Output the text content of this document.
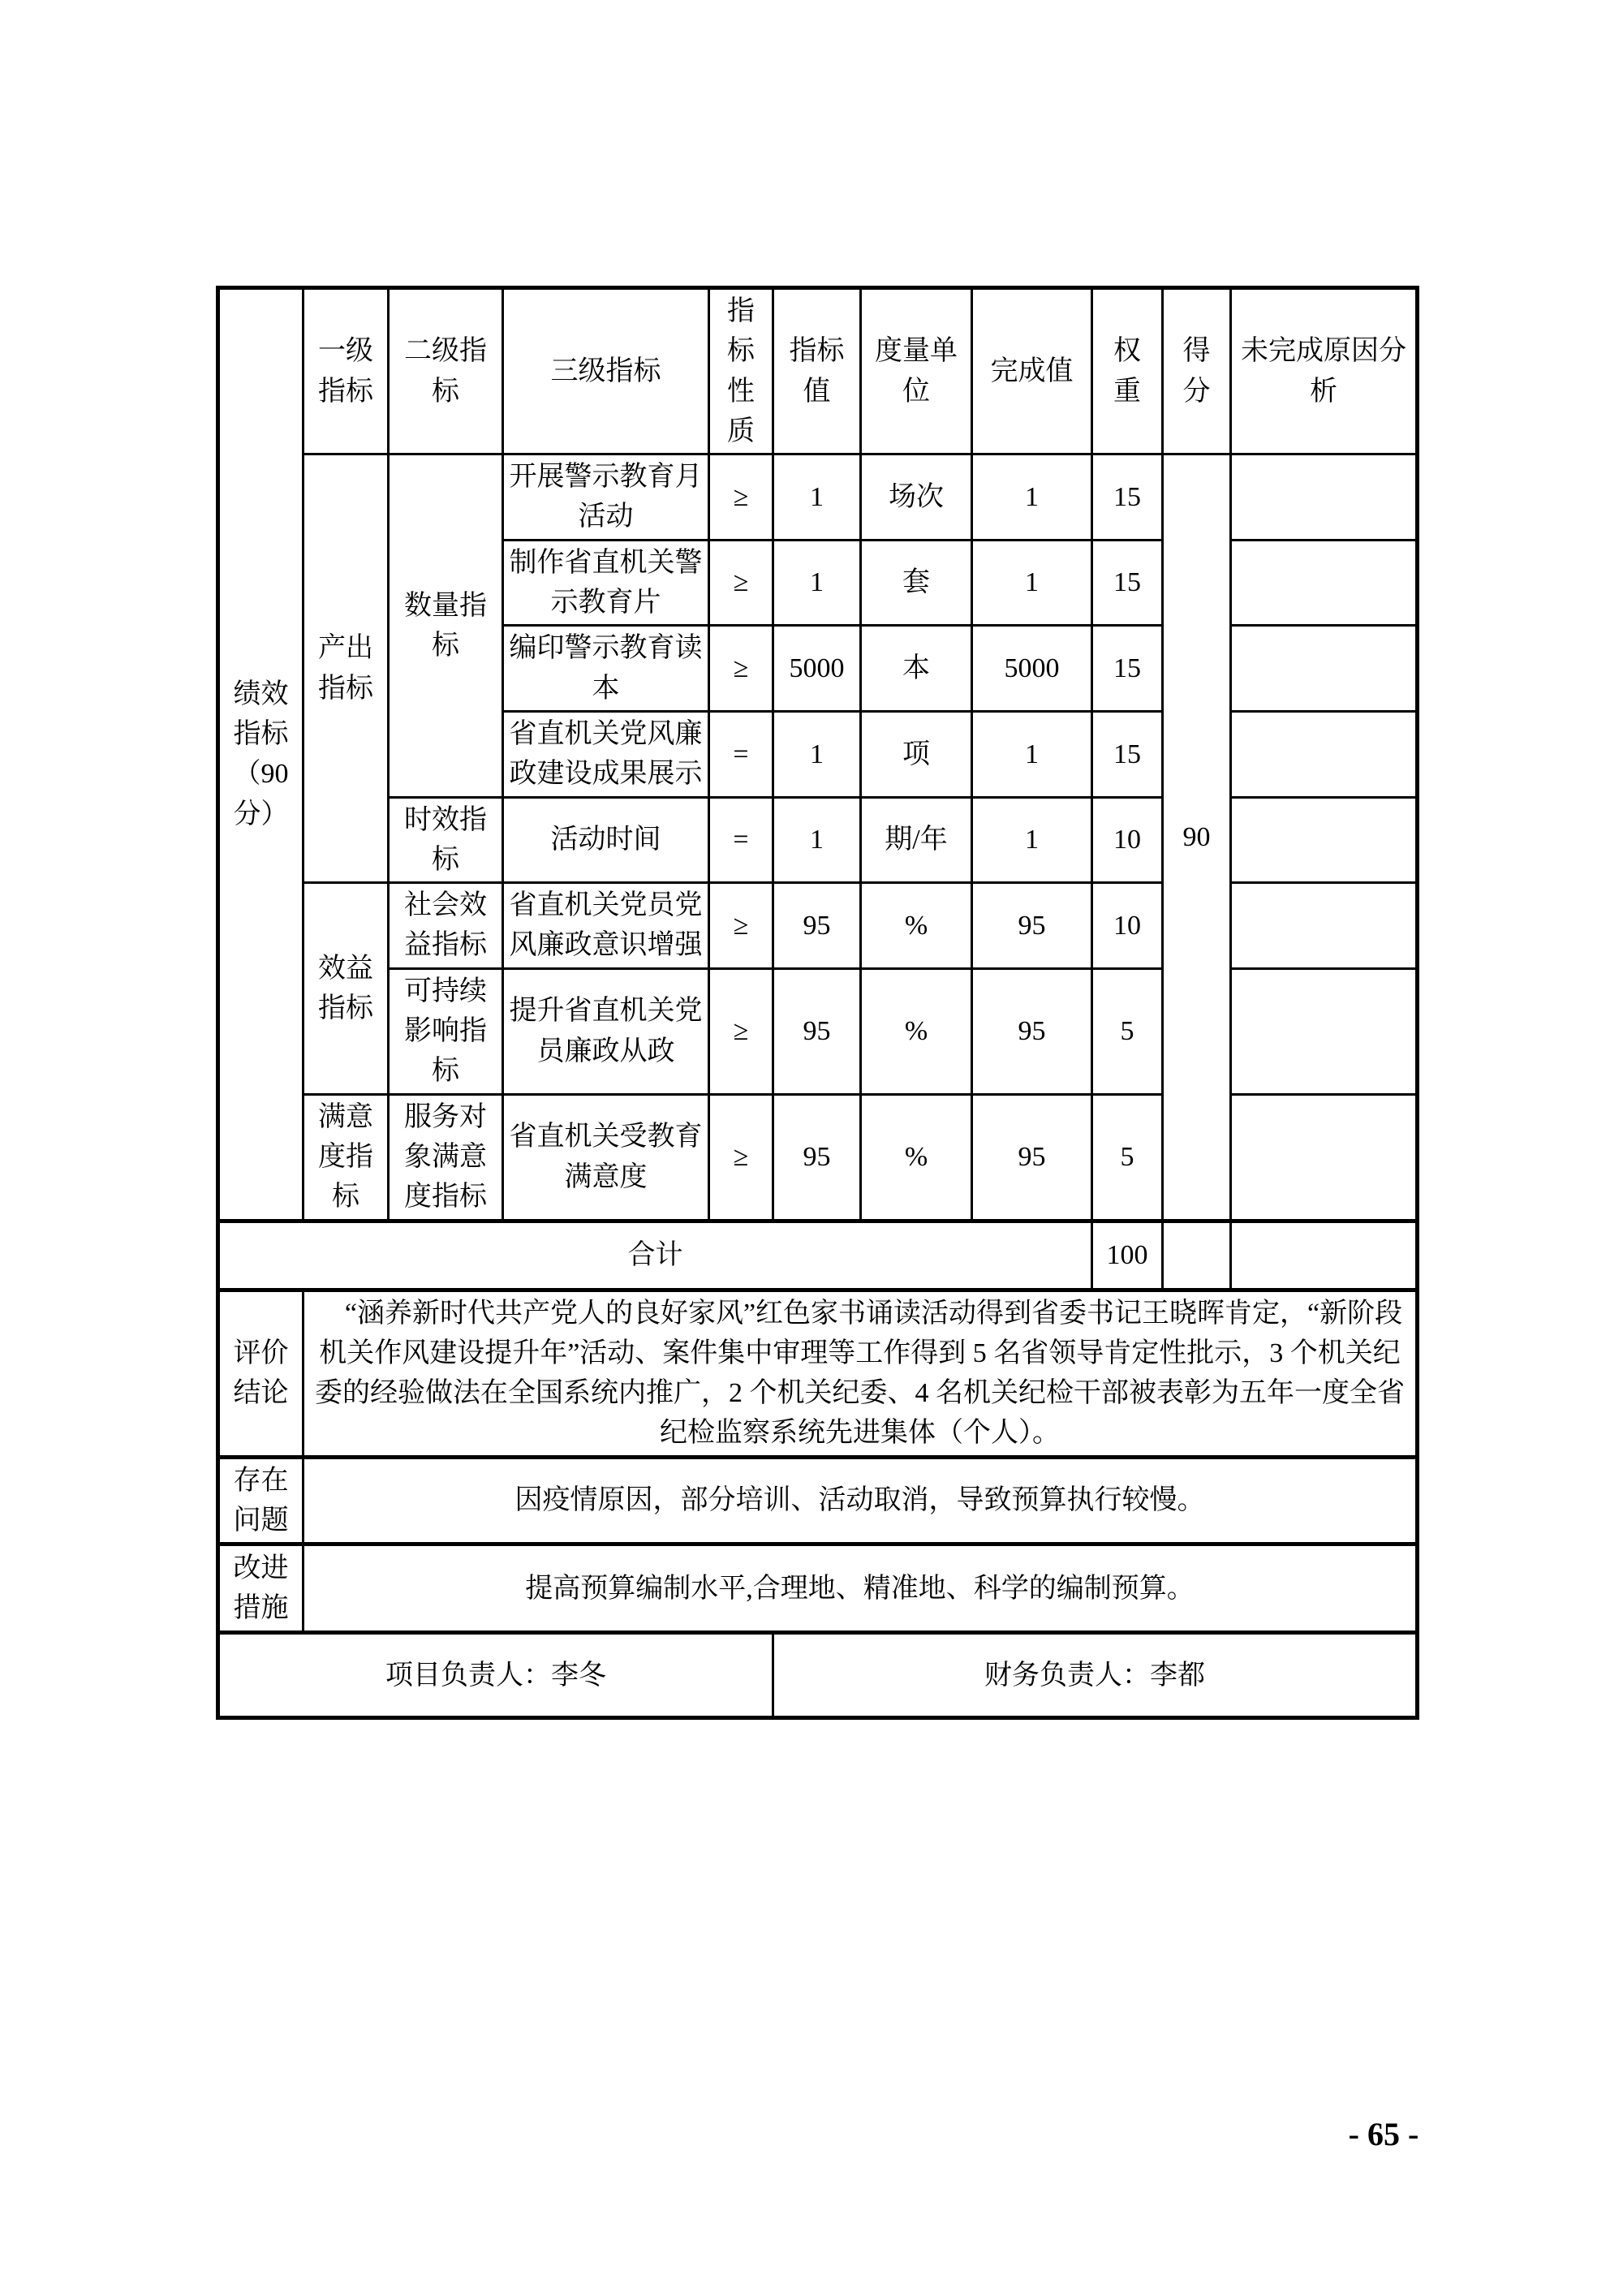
绩效指标（90分）	一级指标	二级指标	三级指标	指标性质	指标值	度量单位	完成值	权重	得分	未完成原因分析
	产出指标	数量指标	开展警示教育月活动	≥	1	场次	1	15	90	
			制作省直机关警示教育片	≥	1	套	1	15		
			编印警示教育读本	≥	5000	本	5000	15		
			省直机关党风廉政建设成果展示	=	1	项	1	15		
		时效指标	活动时间	=	1	期/年	1	10		
	效益指标	社会效益指标	省直机关党员党风廉政意识增强	≥	95	%	95	10		
		可持续影响指标	提升省直机关党员廉政从政	≥	95	%	95	5		
	满意度指标	服务对象满意度指标	省直机关受教育满意度	≥	95	%	95	5		
合计								100		
评价结论	“涵养新时代共产党人的良好家风”红色家书诵读活动得到省委书记王晓晖肯定，“新阶段机关作风建设提升年”活动、案件集中审理等工作得到 5 名省领导肯定性批示，3 个机关纪委的经验做法在全国系统内推广，2 个机关纪委、4 名机关纪检干部被表彰为五年一度全省纪检监察系统先进集体（个人）。									

存在问题	因疫情原因，部分培训、活动取消，导致预算执行较慢。									

改进措施	提高预算编制水平,合理地、精准地、科学的编制预算。									

项目负责人：李冬					财务负责人：李都					
- 65 -
